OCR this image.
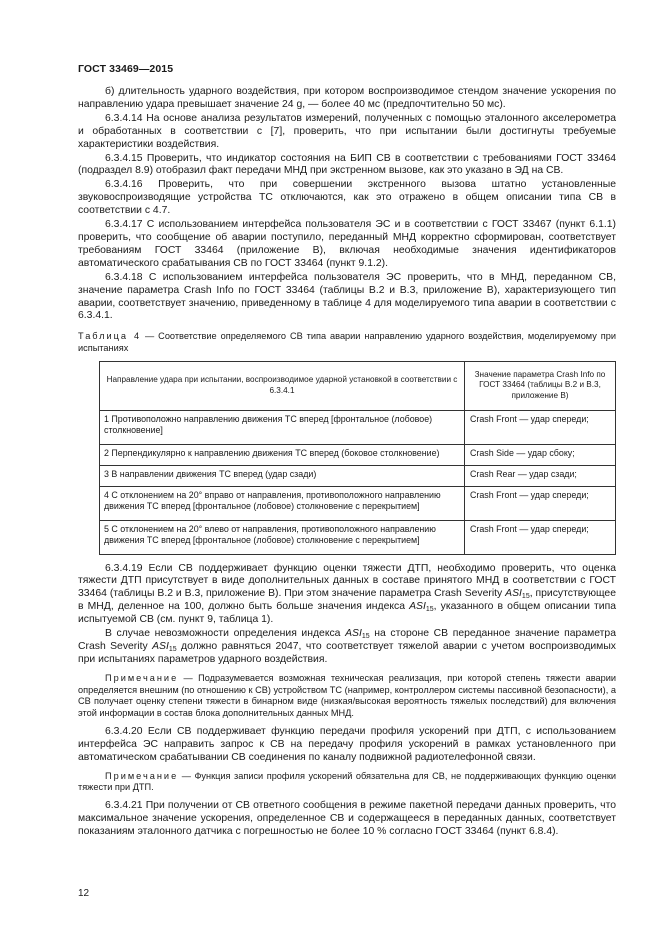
ГОСТ 33469—2015

б) длительность ударного воздействия, при котором воспроизводимое стендом значение ускорения по направлению удара превышает значение 24 g, — более 40 мс (предпочтительно 50 мс).

6.3.4.14 На основе анализа результатов измерений, полученных с помощью эталонного акселерометра и обработанных в соответствии с [7], проверить, что при испытании были достигнуты требуемые характеристики воздействия.

6.3.4.15 Проверить, что индикатор состояния на БИП СВ в соответствии с требованиями ГОСТ 33464 (подраздел 8.9) отобразил факт передачи МНД при экстренном вызове, как это указано в ЭД на СВ.

6.3.4.16 Проверить, что при совершении экстренного вызова штатно установленные звуковоспроизводящие устройства ТС отключаются, как это отражено в общем описании типа СВ в соответствии с 4.7.

6.3.4.17 С использованием интерфейса пользователя ЭС и в соответствии с ГОСТ 33467 (пункт 6.1.1) проверить, что сообщение об аварии поступило, переданный МНД корректно сформирован, соответствует требованиям ГОСТ 33464 (приложение В), включая необходимые значения идентификаторов автоматического срабатывания СВ по ГОСТ 33464 (пункт 9.1.2).

6.3.4.18 С использованием интерфейса пользователя ЭС проверить, что в МНД, переданном СВ, значение параметра Crash Info по ГОСТ 33464 (таблицы В.2 и В.3, приложение В), характеризующего тип аварии, соответствует значению, приведенному в таблице 4 для моделируемого типа аварии в соответствии с 6.3.4.1.

Таблица 4 — Соответствие определяемого СВ типа аварии направлению ударного воздействия, моделируемому при испытаниях

Направление удара при испытании, воспроизводимое ударной установкой в соответствии с 6.3.4.1	Значение параметра Crash Info по ГОСТ 33464 (таблицы В.2 и В.3, приложение В)
1 Противоположно направлению движения ТС вперед [фронтальное (лобовое) столкновение]	Crash Front — удар спереди;
2 Перпендикулярно к направлению движения ТС вперед (боковое столкновение)	Crash Side — удар сбоку;
3 В направлении движения ТС вперед (удар сзади)	Crash Rear — удар сзади;
4 С отклонением на 20° вправо от направления, противоположного направлению движения ТС вперед [фронтальное (лобовое) столкновение с перекрытием]	Crash Front — удар спереди;
5 С отклонением на 20° влево от направления, противоположного направлению движения ТС вперед [фронтальное (лобовое) столкновение с перекрытием]	Crash Front — удар спереди;

6.3.4.19 Если СВ поддерживает функцию оценки тяжести ДТП, необходимо проверить, что оценка тяжести ДТП присутствует в виде дополнительных данных в составе принятого МНД в соответствии с ГОСТ 33464 (таблицы В.2 и В.3, приложение В). При этом значение параметра Crash Severity $ASI_{15}$, присутствующее в МНД, деленное на 100, должно быть больше значения индекса $ASI_{15}$, указанного в общем описании типа испытуемой СВ (см. пункт 9, таблица 1).

В случае невозможности определения индекса $ASI_{15}$ на стороне СВ переданное значение параметра Crash Severity $ASI_{15}$ должно равняться 2047, что соответствует тяжелой аварии с учетом воспроизводимых при испытаниях параметров ударного воздействия.

Примечание — Подразумевается возможная техническая реализация, при которой степень тяжести аварии определяется внешним (по отношению к СВ) устройством ТС (например, контроллером системы пассивной безопасности), а СВ получает оценку степени тяжести в бинарном виде (низкая/высокая вероятность тяжелых последствий) для включения этой информации в состав блока дополнительных данных МНД.

6.3.4.20 Если СВ поддерживает функцию передачи профиля ускорений при ДТП, с использованием интерфейса ЭС направить запрос к СВ на передачу профиля ускорений в рамках установленного при автоматическом срабатывании СВ соединения по каналу подвижной радиотелефонной связи.

Примечание — Функция записи профиля ускорений обязательна для СВ, не поддерживающих функцию оценки тяжести при ДТП.

6.3.4.21 При получении от СВ ответного сообщения в режиме пакетной передачи данных проверить, что максимальное значение ускорения, определенное СВ и содержащееся в переданных данных, соответствует показаниям эталонного датчика с погрешностью не более 10 % согласно ГОСТ 33464 (пункт 6.8.4).

12
